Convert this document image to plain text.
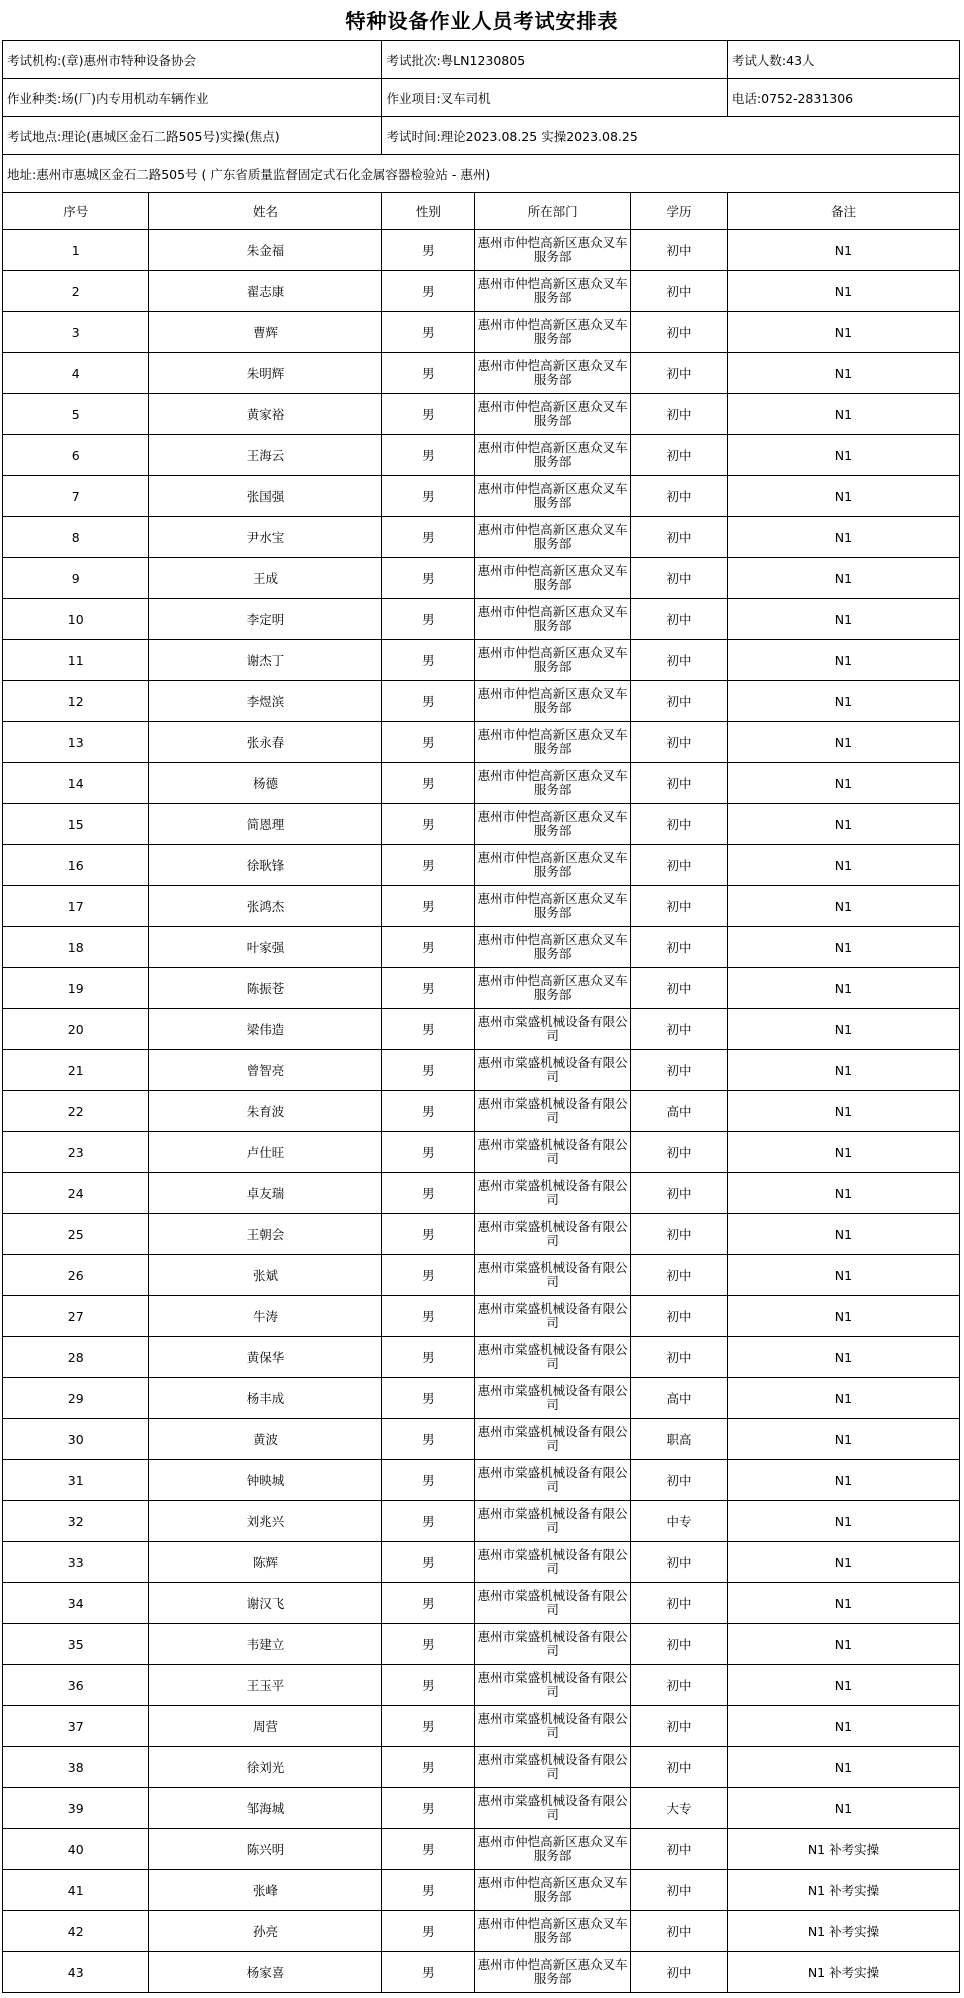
特种设备作业人员考试安排表
考试机构:(章)惠州市特种设备协会		考试批次:粤LN1230805			考试人数:43人
作业种类:场(厂)内专用机动车辆作业		作业项目:叉车司机			电话:0752-2831306
考试地点:理论(惠城区金石二路505号)实操(焦点)		考试时间:理论2023.08.25 实操2023.08.25			
地址:惠州市惠城区金石二路505号 ( 广东省质量监督固定式石化金属容器检验站 - 惠州)					
序号	姓名	性别	所在部门	学历	备注
1	朱金福	男	惠州市仲恺高新区惠众叉车服务部	初中	N1
2	翟志康	男	惠州市仲恺高新区惠众叉车服务部	初中	N1
3	曹辉	男	惠州市仲恺高新区惠众叉车服务部	初中	N1
4	朱明辉	男	惠州市仲恺高新区惠众叉车服务部	初中	N1
5	黄家裕	男	惠州市仲恺高新区惠众叉车服务部	初中	N1
6	王海云	男	惠州市仲恺高新区惠众叉车服务部	初中	N1
7	张国强	男	惠州市仲恺高新区惠众叉车服务部	初中	N1
8	尹水宝	男	惠州市仲恺高新区惠众叉车服务部	初中	N1
9	王成	男	惠州市仲恺高新区惠众叉车服务部	初中	N1
10	李定明	男	惠州市仲恺高新区惠众叉车服务部	初中	N1
11	谢杰丁	男	惠州市仲恺高新区惠众叉车服务部	初中	N1
12	李煜滨	男	惠州市仲恺高新区惠众叉车服务部	初中	N1
13	张永春	男	惠州市仲恺高新区惠众叉车服务部	初中	N1
14	杨德	男	惠州市仲恺高新区惠众叉车服务部	初中	N1
15	简恩理	男	惠州市仲恺高新区惠众叉车服务部	初中	N1
16	徐耿锋	男	惠州市仲恺高新区惠众叉车服务部	初中	N1
17	张鸿杰	男	惠州市仲恺高新区惠众叉车服务部	初中	N1
18	叶家强	男	惠州市仲恺高新区惠众叉车服务部	初中	N1
19	陈振苍	男	惠州市仲恺高新区惠众叉车服务部	初中	N1
20	梁伟造	男	惠州市棠盛机械设备有限公司	初中	N1
21	曾智亮	男	惠州市棠盛机械设备有限公司	初中	N1
22	朱育波	男	惠州市棠盛机械设备有限公司	高中	N1
23	卢仕旺	男	惠州市棠盛机械设备有限公司	初中	N1
24	卓友瑞	男	惠州市棠盛机械设备有限公司	初中	N1
25	王朝会	男	惠州市棠盛机械设备有限公司	初中	N1
26	张斌	男	惠州市棠盛机械设备有限公司	初中	N1
27	牛涛	男	惠州市棠盛机械设备有限公司	初中	N1
28	黄保华	男	惠州市棠盛机械设备有限公司	初中	N1
29	杨丰成	男	惠州市棠盛机械设备有限公司	高中	N1
30	黄波	男	惠州市棠盛机械设备有限公司	职高	N1
31	钟映城	男	惠州市棠盛机械设备有限公司	初中	N1
32	刘兆兴	男	惠州市棠盛机械设备有限公司	中专	N1
33	陈辉	男	惠州市棠盛机械设备有限公司	初中	N1
34	谢汉飞	男	惠州市棠盛机械设备有限公司	初中	N1
35	韦建立	男	惠州市棠盛机械设备有限公司	初中	N1
36	王玉平	男	惠州市棠盛机械设备有限公司	初中	N1
37	周营	男	惠州市棠盛机械设备有限公司	初中	N1
38	徐刘光	男	惠州市棠盛机械设备有限公司	初中	N1
39	邹海城	男	惠州市棠盛机械设备有限公司	大专	N1
40	陈兴明	男	惠州市仲恺高新区惠众叉车服务部	初中	N1 补考实操
41	张峰	男	惠州市仲恺高新区惠众叉车服务部	初中	N1 补考实操
42	孙亮	男	惠州市仲恺高新区惠众叉车服务部	初中	N1 补考实操
43	杨家喜	男	惠州市仲恺高新区惠众叉车服务部	初中	N1 补考实操
